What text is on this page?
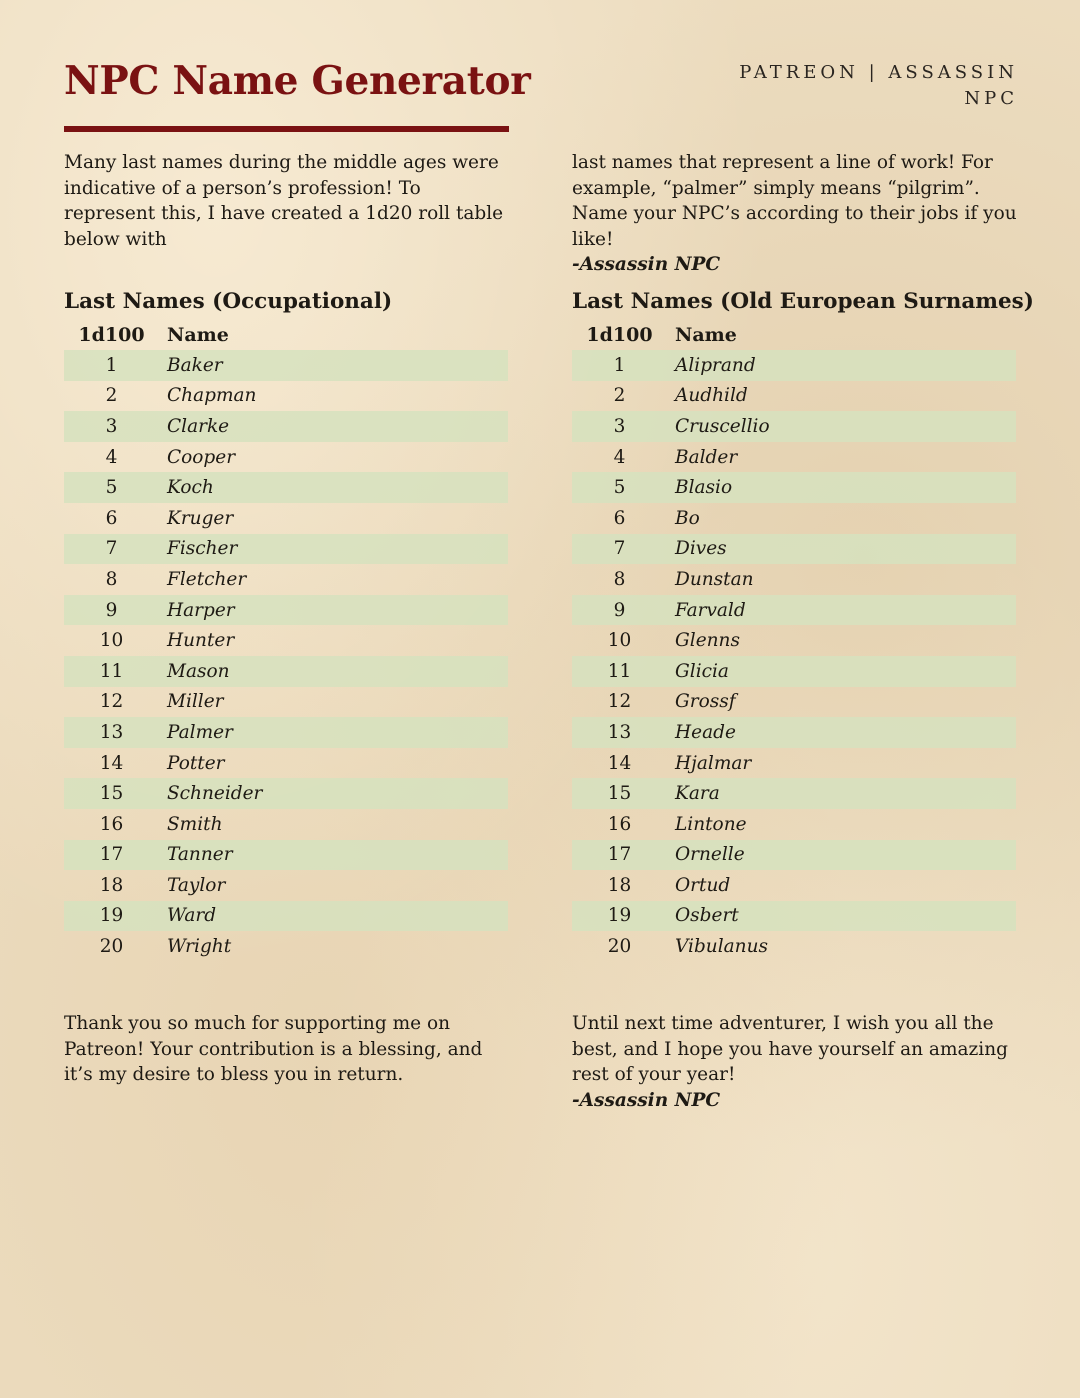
NPC Name Generator	PATREON | ASSASSIN
NPC

Many last names during the middle ages were indicative of a person’s profession! To represent this, I have created a 1d20 roll table below with

last names that represent a line of work! For example, “palmer” simply means “pilgrim”. Name your NPC’s according to their jobs if you like!
-Assassin NPC

Last Names (Occupational)
1d100	Name
1	Baker
2	Chapman
3	Clarke
4	Cooper
5	Koch
6	Kruger
7	Fischer
8	Fletcher
9	Harper
10	Hunter
11	Mason
12	Miller
13	Palmer
14	Potter
15	Schneider
16	Smith
17	Tanner
18	Taylor
19	Ward
20	Wright
Last Names (Old European Surnames)
1d100	Name
1	Aliprand
2	Audhild
3	Cruscellio
4	Balder
5	Blasio
6	Bo
7	Dives
8	Dunstan
9	Farvald
10	Glenns
11	Glicia
12	Grossf
13	Heade
14	Hjalmar
15	Kara
16	Lintone
17	Ornelle
18	Ortud
19	Osbert
20	Vibulanus

Thank you so much for supporting me on Patreon! Your contribution is a blessing, and it’s my desire to bless you in return.

Until next time adventurer, I wish you all the best, and I hope you have yourself an amazing rest of your year!
-Assassin NPC
